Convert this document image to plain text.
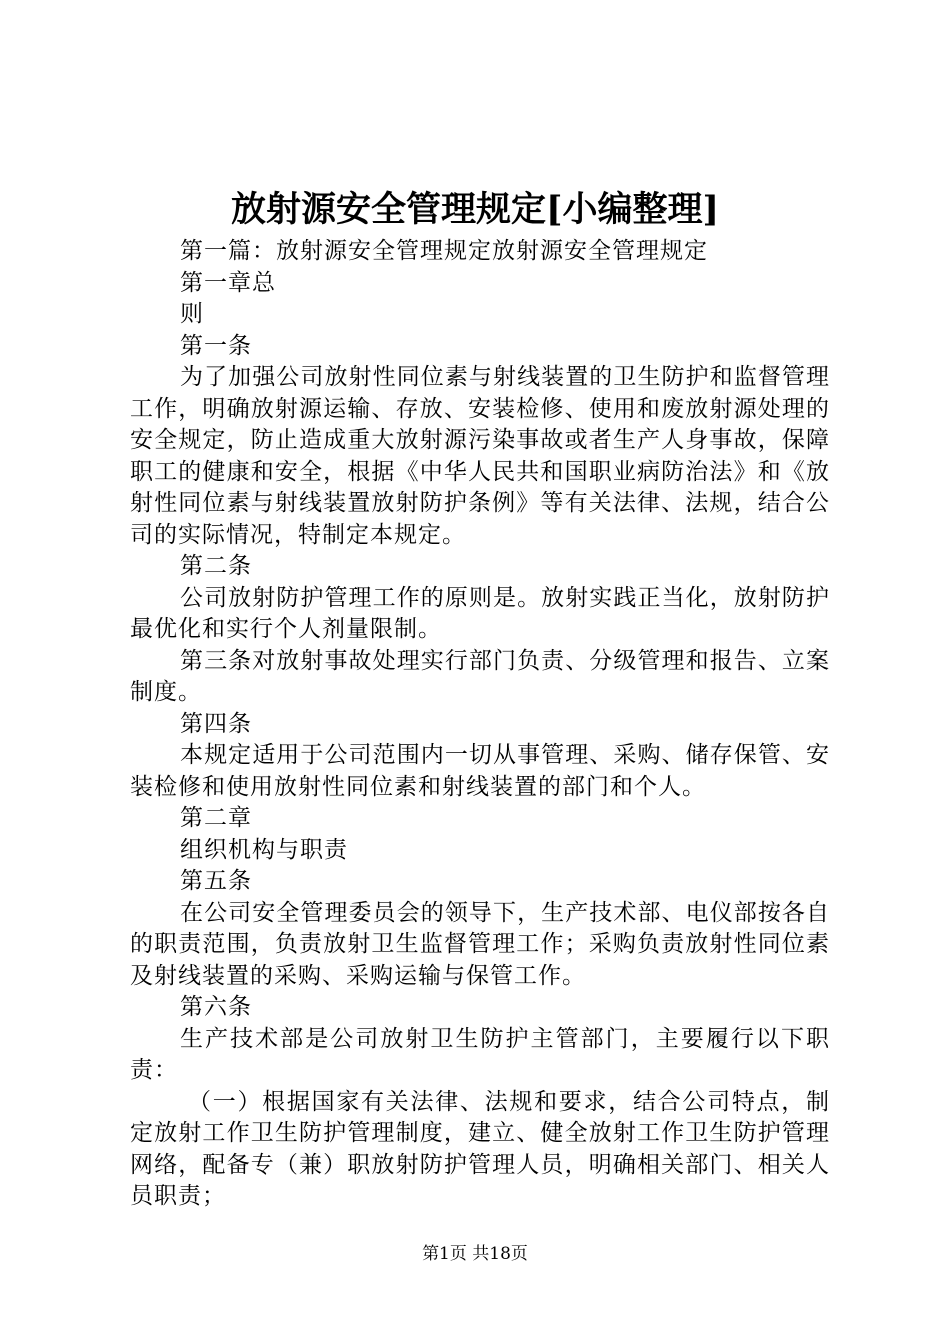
放射源安全管理规定[小编整理]

第一篇：放射源安全管理规定放射源安全管理规定

第一章总

则

第一条

为了加强公司放射性同位素与射线装置的卫生防护和监督管理工作，明确放射源运输、存放、安装检修、使用和废放射源处理的安全规定，防止造成重大放射源污染事故或者生产人身事故，保障职工的健康和安全，根据《中华人民共和国职业病防治法》和《放射性同位素与射线装置放射防护条例》等有关法律、法规，结合公司的实际情况，特制定本规定。

第二条

公司放射防护管理工作的原则是。放射实践正当化，放射防护最优化和实行个人剂量限制。

第三条对放射事故处理实行部门负责、分级管理和报告、立案制度。

第四条

本规定适用于公司范围内一切从事管理、采购、储存保管、安装检修和使用放射性同位素和射线装置的部门和个人。

第二章

组织机构与职责

第五条

在公司安全管理委员会的领导下，生产技术部、电仪部按各自的职责范围，负责放射卫生监督管理工作；采购负责放射性同位素及射线装置的采购、采购运输与保管工作。

第六条

生产技术部是公司放射卫生防护主管部门，主要履行以下职责：

（一）根据国家有关法律、法规和要求，结合公司特点，制定放射工作卫生防护管理制度，建立、健全放射工作卫生防护管理网络，配备专（兼）职放射防护管理人员，明确相关部门、相关人员职责；

第1页 共18页
